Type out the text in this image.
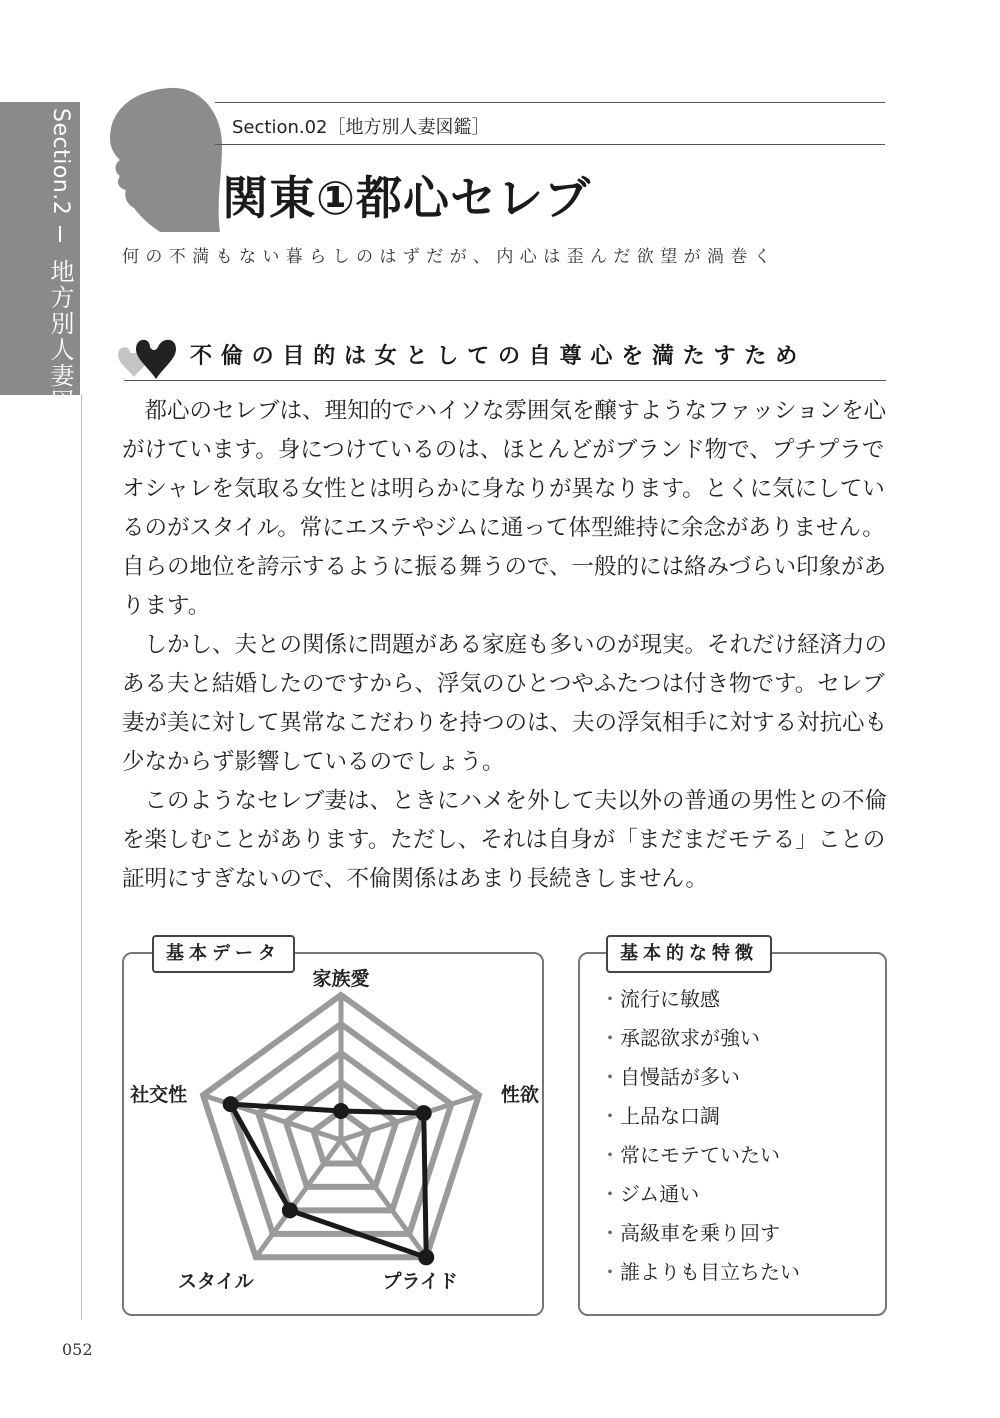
Section.2  地方別人妻図鑑
Section.02［地方別人妻図鑑］
関東①都心セレブ
何の不満もない暮らしのはずだが、内心は歪んだ欲望が渦巻く
不倫の目的は女としての自尊心を満たすため

都心のセレブは、理知的でハイソな雰囲気を醸すようなファッションを心がけています。身につけているのは、ほとんどがブランド物で、プチプラでオシャレを気取る女性とは明らかに身なりが異なります。とくに気にしているのがスタイル。常にエステやジムに通って体型維持に余念がありません。自らの地位を誇示するように振る舞うので、一般的には絡みづらい印象があります。

しかし、夫との関係に問題がある家庭も多いのが現実。それだけ経済力のある夫と結婚したのですから、浮気のひとつやふたつは付き物です。セレブ妻が美に対して異常なこだわりを持つのは、夫の浮気相手に対する対抗心も少なからず影響しているのでしょう。

このようなセレブ妻は、ときにハメを外して夫以外の普通の男性との不倫を楽しむことがあります。ただし、それは自身が「まだまだモテる」ことの証明にすぎないので、不倫関係はあまり長続きしません。

基本データ
家族愛
性欲
プライド
スタイル
社交性
基本的な特徴
・ 流行に敏感
・ 承認欲求が強い
・ 自慢話が多い
・ 上品な口調
・ 常にモテていたい
・ ジム通い
・ 高級車を乗り回す
・ 誰よりも目立ちたい
052
